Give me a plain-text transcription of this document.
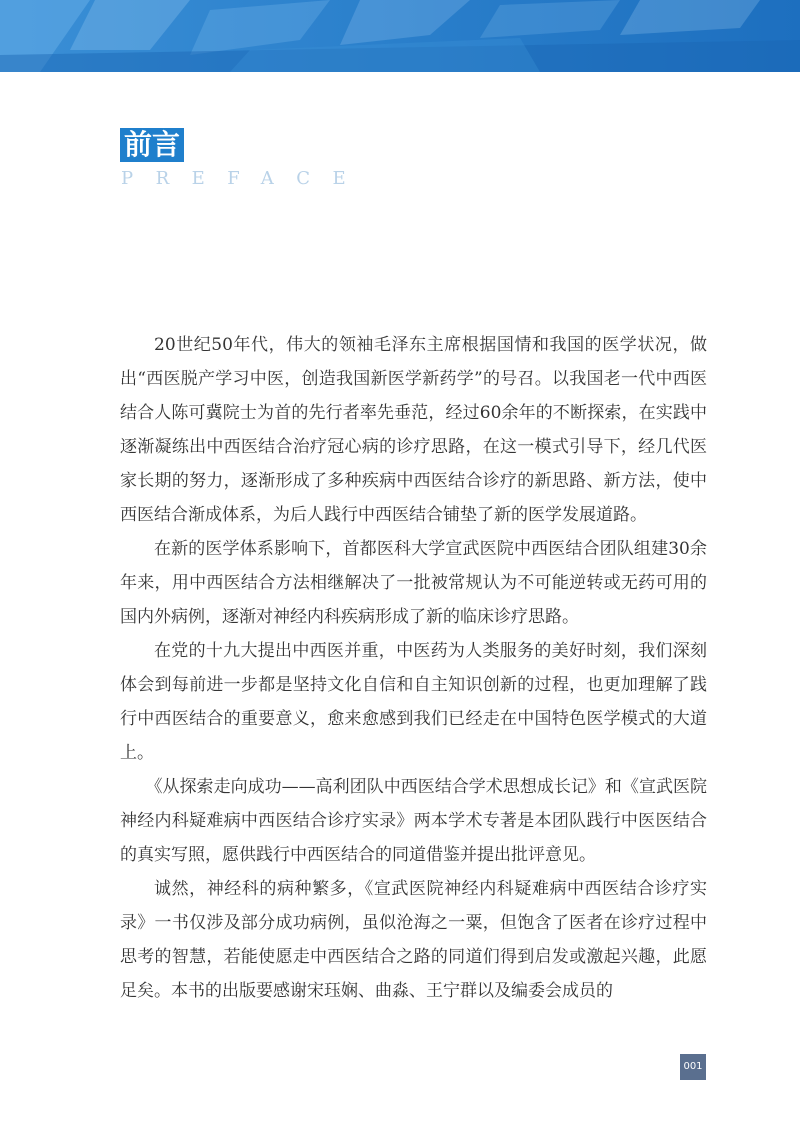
前言
PREFACE

20世纪50年代，伟大的领袖毛泽东主席根据国情和我国的医学状况，做出“西医脱产学习中医，创造我国新医学新药学”的号召。以我国老一代中西医结合人陈可冀院士为首的先行者率先垂范，经过60余年的不断探索，在实践中逐渐凝练出中西医结合治疗冠心病的诊疗思路，在这一模式引导下，经几代医家长期的努力，逐渐形成了多种疾病中西医结合诊疗的新思路、新方法，使中西医结合渐成体系，为后人践行中西医结合铺垫了新的医学发展道路。

在新的医学体系影响下，首都医科大学宣武医院中西医结合团队组建30余年来，用中西医结合方法相继解决了一批被常规认为不可能逆转或无药可用的国内外病例，逐渐对神经内科疾病形成了新的临床诊疗思路。

在党的十九大提出中西医并重，中医药为人类服务的美好时刻，我们深刻体会到每前进一步都是坚持文化自信和自主知识创新的过程，也更加理解了践行中西医结合的重要意义，愈来愈感到我们已经走在中国特色医学模式的大道上。

《从探索走向成功——高利团队中西医结合学术思想成长记》和《宣武医院神经内科疑难病中西医结合诊疗实录》两本学术专著是本团队践行中医医结合的真实写照，愿供践行中西医结合的同道借鉴并提出批评意见。

诚然，神经科的病种繁多，《宣武医院神经内科疑难病中西医结合诊疗实录》一书仅涉及部分成功病例，虽似沧海之一粟，但饱含了医者在诊疗过程中思考的智慧，若能使愿走中西医结合之路的同道们得到启发或激起兴趣，此愿足矣。本书的出版要感谢宋珏娴、曲淼、王宁群以及编委会成员的

001
